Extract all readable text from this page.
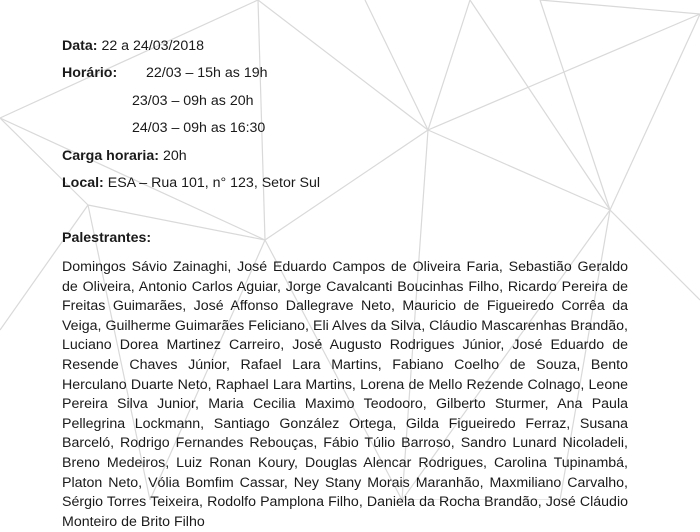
Data: 22 a 24/03/2018
Horário: 22/03 – 15h as 19h
23/03 – 09h as 20h
24/03 – 09h as 16:30
Carga horaria: 20h
Local: ESA – Rua 101, n° 123, Setor Sul
Palestrantes:
Domingos Sávio Zainaghi, José Eduardo Campos de Oliveira Faria, Sebastião Geraldo de Oliveira, Antonio Carlos Aguiar, Jorge Cavalcanti Boucinhas Filho, Ricardo Pereira de Freitas Guimarães, José Affonso Dallegrave Neto, Mauricio de Figueiredo Corrêa da Veiga, Guilherme Guimarães Feliciano, Eli Alves da Silva, Cláudio Mascarenhas Brandão, Luciano Dorea Martinez Carreiro, José Augusto Rodrigues Júnior, José Eduardo de Resende Chaves Júnior, Rafael Lara Martins, Fabiano Coelho de Souza, Bento Herculano Duarte Neto, Raphael Lara Martins, Lorena de Mello Rezende Colnago, Leone Pereira Silva Junior, Maria Cecilia Maximo Teodooro, Gilberto Sturmer, Ana Paula Pellegrina Lockmann, Santiago González Ortega, Gilda Figueiredo Ferraz, Susana Barceló, Rodrigo Fernandes Rebouças, Fábio Túlio Barroso, Sandro Lunard Nicoladeli, Breno Medeiros, Luiz Ronan Koury, Douglas Alencar Rodrigues, Carolina Tupinambá, Platon Neto, Vólia Bomfim Cassar, Ney Stany Morais Maranhão, Maxmiliano Carvalho, Sérgio Torres Teixeira, Rodolfo Pamplona Filho, Daniela da Rocha Brandão, José Cláudio Monteiro de Brito Filho
